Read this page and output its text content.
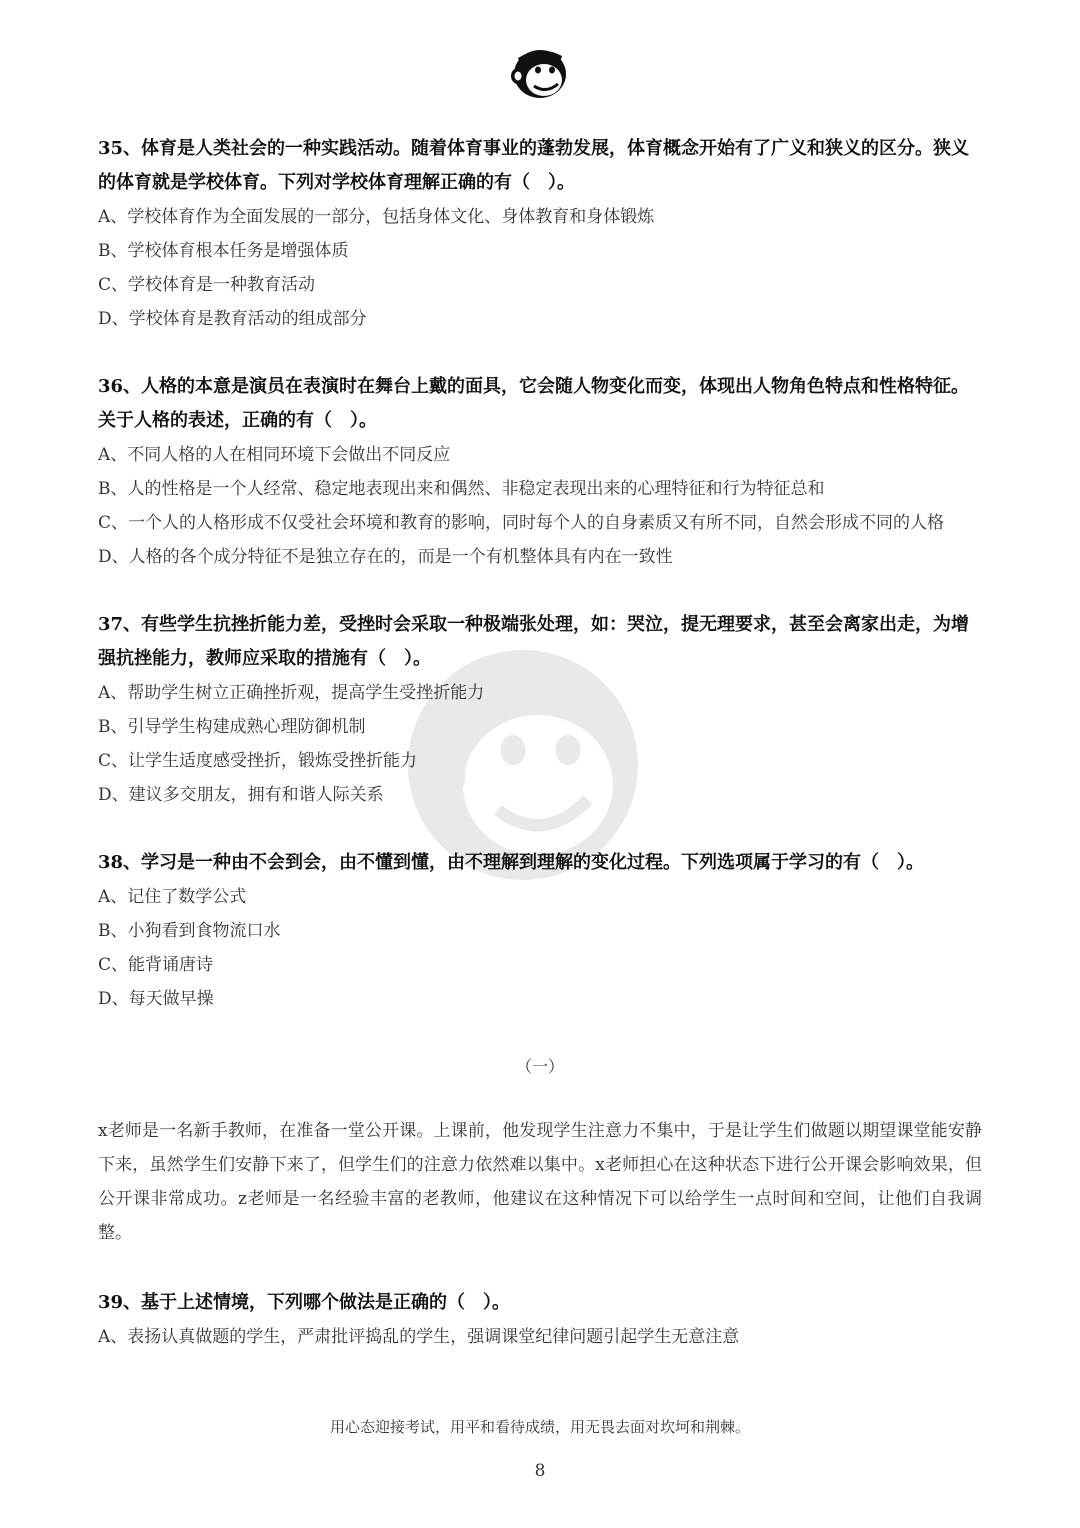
35、体育是人类社会的一种实践活动。随着体育事业的蓬勃发展，体育概念开始有了广义和狭义的区分。狭义的体育就是学校体育。下列对学校体育理解正确的有（　）。
A、学校体育作为全面发展的一部分，包括身体文化、身体教育和身体锻炼
B、学校体育根本任务是增强体质
C、学校体育是一种教育活动
D、学校体育是教育活动的组成部分
36、人格的本意是演员在表演时在舞台上戴的面具，它会随人物变化而变，体现出人物角色特点和性格特征。关于人格的表述，正确的有（　）。
A、不同人格的人在相同环境下会做出不同反应
B、人的性格是一个人经常、稳定地表现出来和偶然、非稳定表现出来的心理特征和行为特征总和
C、一个人的人格形成不仅受社会环境和教育的影响，同时每个人的自身素质又有所不同，自然会形成不同的人格
D、人格的各个成分特征不是独立存在的，而是一个有机整体具有内在一致性
37、有些学生抗挫折能力差，受挫时会采取一种极端张处理，如：哭泣，提无理要求，甚至会离家出走，为增强抗挫能力，教师应采取的措施有（　）。
A、帮助学生树立正确挫折观，提高学生受挫折能力
B、引导学生构建成熟心理防御机制
C、让学生适度感受挫折，锻炼受挫折能力
D、建议多交朋友，拥有和谐人际关系
38、学习是一种由不会到会，由不懂到懂，由不理解到理解的变化过程。下列选项属于学习的有（　）。
A、记住了数学公式
B、小狗看到食物流口水
C、能背诵唐诗
D、每天做早操
（一）
x老师是一名新手教师，在准备一堂公开课。上课前，他发现学生注意力不集中，于是让学生们做题以期望课堂能安静下来，虽然学生们安静下来了，但学生们的注意力依然难以集中。x老师担心在这种状态下进行公开课会影响效果，但公开课非常成功。z老师是一名经验丰富的老教师，他建议在这种情况下可以给学生一点时间和空间，让他们自我调整。
39、基于上述情境，下列哪个做法是正确的（　）。
A、表扬认真做题的学生，严肃批评捣乱的学生，强调课堂纪律问题引起学生无意注意
用心态迎接考试，用平和看待成绩，用无畏去面对坎坷和荆棘。
8
